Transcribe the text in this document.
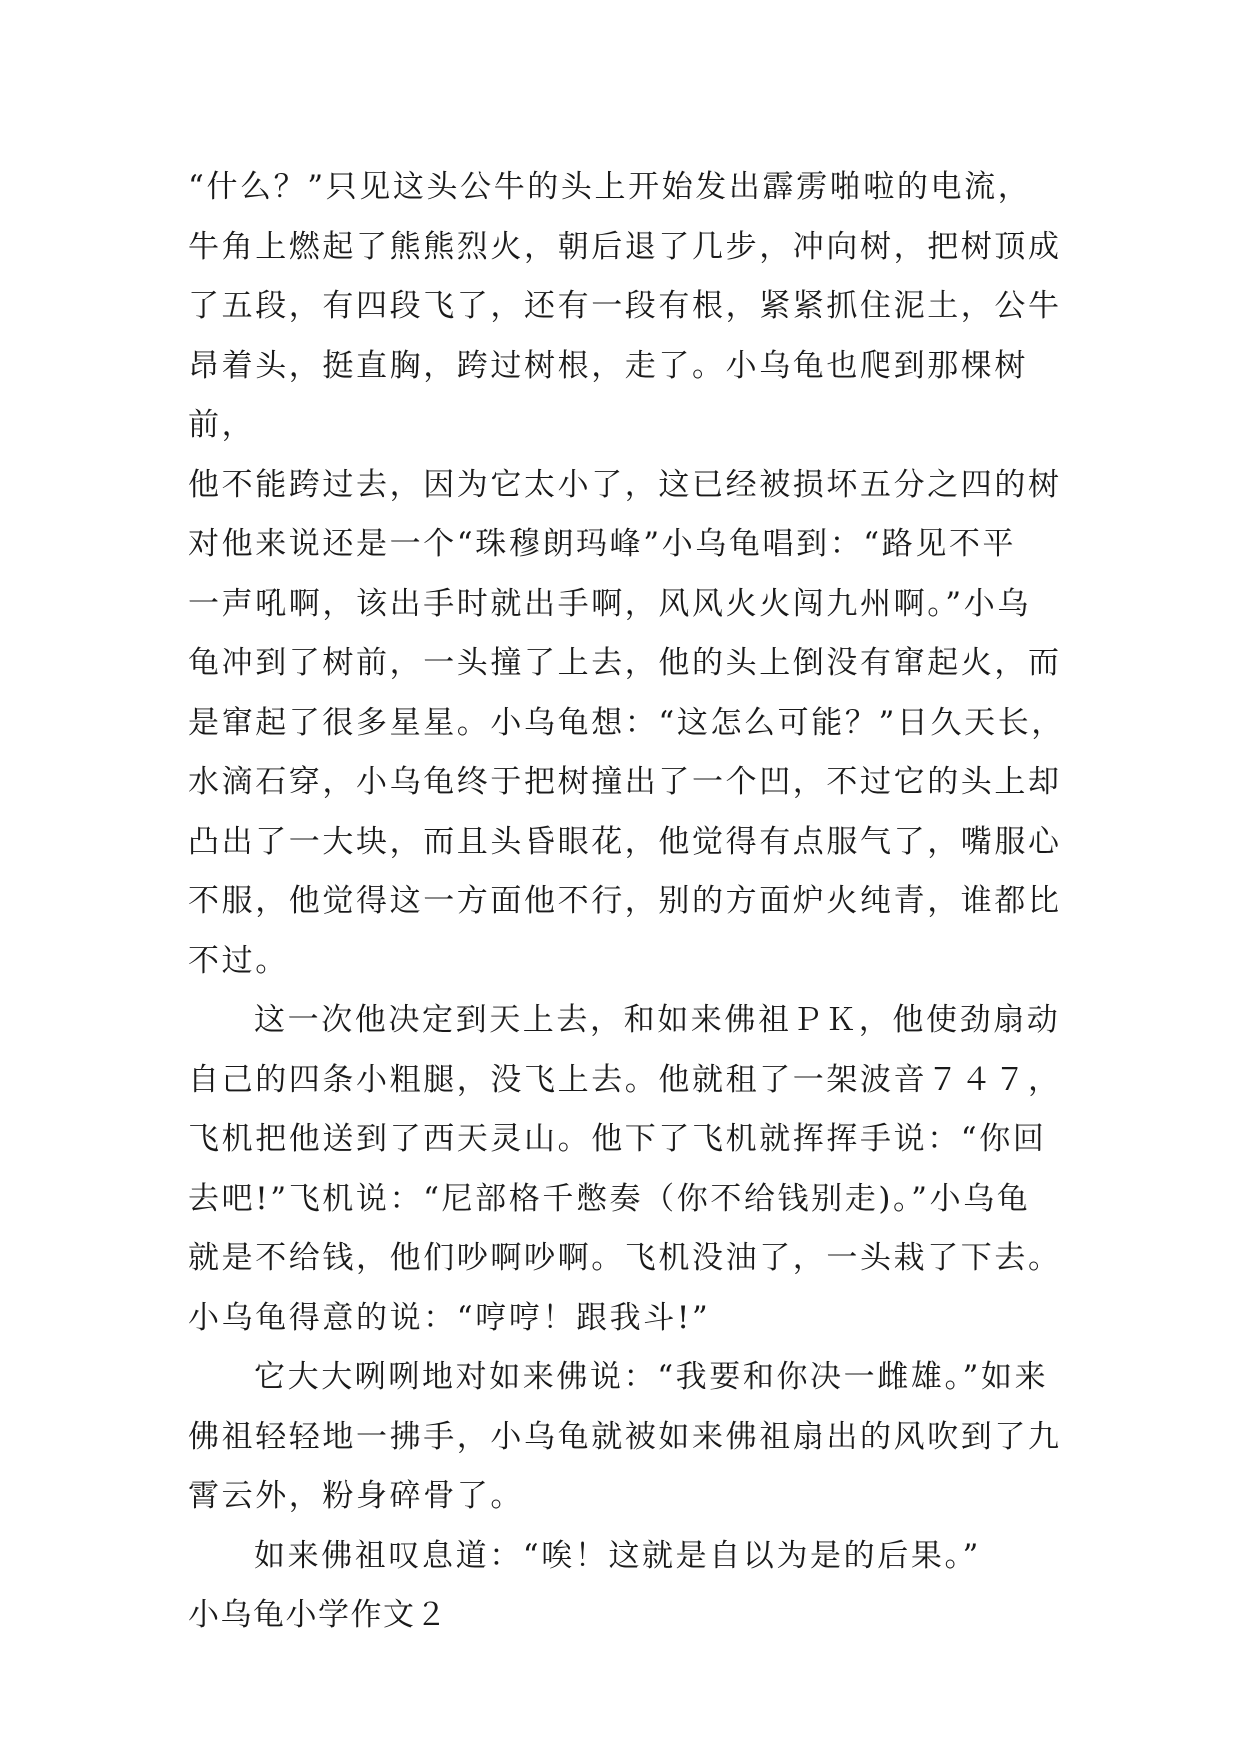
“什么？”只见这头公牛的头上开始发出霹雳啪啦的电流，
牛角上燃起了熊熊烈火，朝后退了几步，冲向树，把树顶成
了五段，有四段飞了，还有一段有根，紧紧抓住泥土，公牛
昂着头，挺直胸，跨过树根，走了。小乌龟也爬到那棵树前，
他不能跨过去，因为它太小了，这已经被损坏五分之四的树
对他来说还是一个“珠穆朗玛峰”小乌龟唱到：“路见不平
一声吼啊，该出手时就出手啊，风风火火闯九州啊。”小乌
龟冲到了树前，一头撞了上去，他的头上倒没有窜起火，而
是窜起了很多星星。小乌龟想：“这怎么可能？”日久天长，
水滴石穿，小乌龟终于把树撞出了一个凹，不过它的头上却
凸出了一大块，而且头昏眼花，他觉得有点服气了，嘴服心
不服，他觉得这一方面他不行，别的方面炉火纯青，谁都比
不过。

这一次他决定到天上去，和如来佛祖ＰＫ，他使劲扇动
自己的四条小粗腿，没飞上去。他就租了一架波音７４７，
飞机把他送到了西天灵山。他下了飞机就挥挥手说：“你回
去吧!”飞机说：“尼部格千憋奏（你不给钱别走)。”小乌龟
就是不给钱，他们吵啊吵啊。飞机没油了，一头栽了下去。
小乌龟得意的说：“哼哼！跟我斗!”

它大大咧咧地对如来佛说：“我要和你决一雌雄。”如来
佛祖轻轻地一拂手，小乌龟就被如来佛祖扇出的风吹到了九
霄云外，粉身碎骨了。

如来佛祖叹息道：“唉！这就是自以为是的后果。”

小乌龟小学作文２
